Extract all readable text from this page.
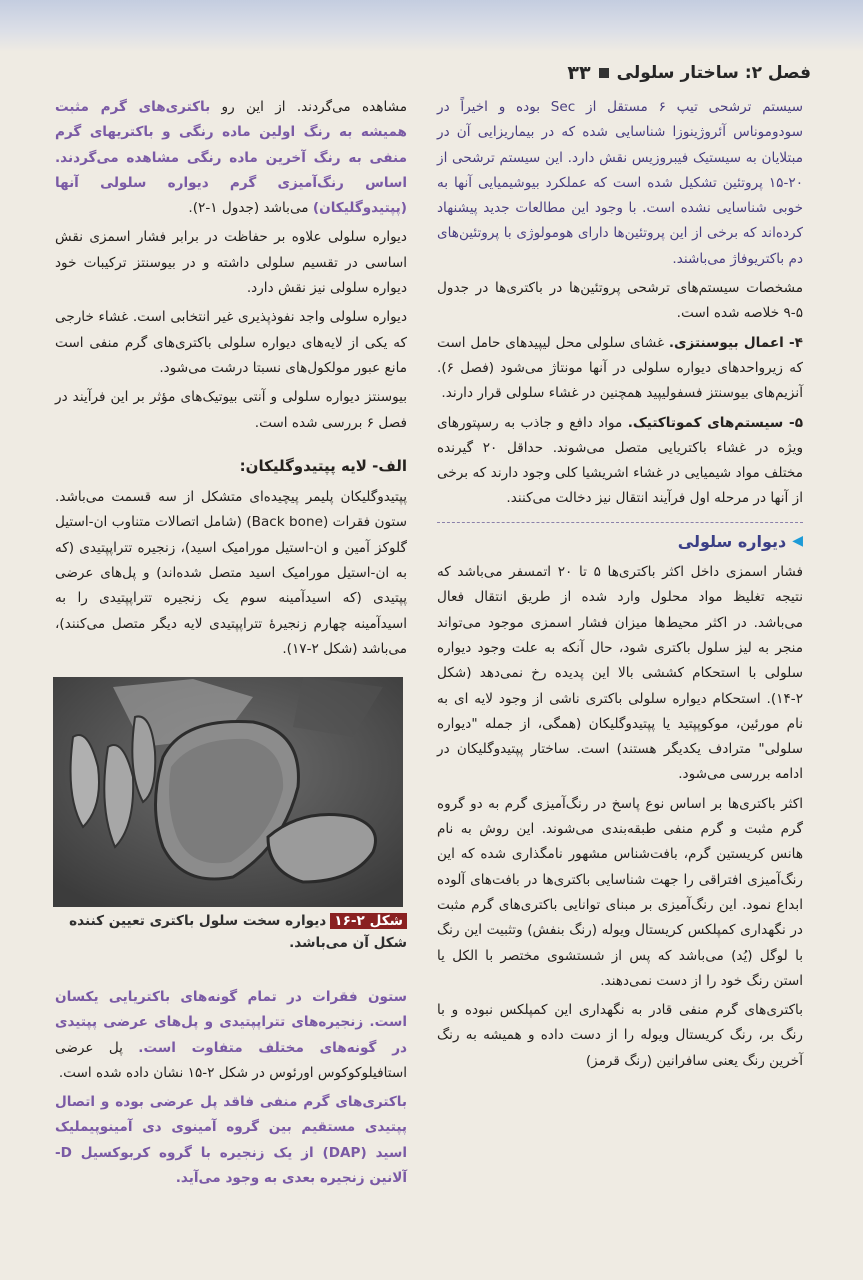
فصل ۲: ساختار سلولی
۳۳

سیستم ترشحی تیپ ۶ مستقل از Sec بوده و اخیراً در سودوموناس آئروژینوزا شناسایی شده که در بیماریزایی آن در مبتلایان به سیستیک فیبروزیس نقش دارد. این سیستم ترشحی از ۲۰-۱۵ پروتئین تشکیل شده است که عملکرد بیوشیمیایی آنها به خوبی شناسایی نشده است. با وجود این مطالعات جدید پیشنهاد کرده‌اند که برخی از این پروتئین‌ها دارای هومولوژی با پروتئین‌های دم باکتریوفاژ می‌باشند.

مشخصات سیستم‌های ترشحی پروتئین‌ها در باکتری‌ها در جدول ۵-۹ خلاصه شده است.

۴- اعمال بیوسنتزی. غشای سلولی محل لیپیدهای حامل است که زیرواحدهای دیواره سلولی در آنها مونتاژ می‌شود (فصل ۶). آنزیم‌های بیوسنتز فسفولیپید همچنین در غشاء سلولی قرار دارند.

۵- سیستم‌های کموتاکتیک. مواد دافع و جاذب به رسپتورهای ویژه در غشاء باکتریایی متصل می‌شوند. حداقل ۲۰ گیرنده مختلف مواد شیمیایی در غشاء اشریشیا کلی وجود دارند که برخی از آنها در مرحله اول فرآیند انتقال نیز دخالت می‌کنند.

◀
دیواره سلولی

فشار اسمزی داخل اکثر باکتری‌ها ۵ تا ۲۰ اتمسفر می‌باشد که نتیجه تغلیظ مواد محلول وارد شده از طریق انتقال فعال می‌باشد. در اکثر محیط‌ها میزان فشار اسمزی موجود می‌تواند منجر به لیز سلول باکتری شود، حال آنکه به علت وجود دیواره سلولی با استحکام کششی بالا این پدیده رخ نمی‌دهد (شکل ۲-۱۴). استحکام دیواره سلولی باکتری ناشی از وجود لایه ای به نام مورئین، موکوپپتید یا پپتیدوگلیکان (همگی، از جمله "دیواره سلولی" مترادف یکدیگر هستند) است. ساختار پپتیدوگلیکان در ادامه بررسی می‌شود.

اکثر باکتری‌ها بر اساس نوع پاسخ در رنگ‌آمیزی گرم به دو گروه گرم مثبت و گرم منفی طبقه‌بندی می‌شوند. این روش به نام هانس کریستین گرم، بافت‌شناس مشهور نامگذاری شده که این رنگ‌آمیزی افتراقی را جهت شناسایی باکتری‌ها در بافت‌های آلوده ابداع نمود. این رنگ‌آمیزی بر مبنای توانایی باکتری‌های گرم مثبت در نگهداری کمپلکس کریستال ویوله (رنگ بنفش) وتثبیت این رنگ با لوگل (یُد) می‌باشد که پس از شستشوی مختصر با الکل یا استن رنگ خود را از دست نمی‌دهند.

باکتری‌های گرم منفی قادر به نگهداری این کمپلکس نبوده و با رنگ بر، رنگ کریستال ویوله را از دست داده و همیشه به رنگ آخرین رنگ یعنی سافرانین (رنگ قرمز)

مشاهده می‌گردند. از این رو باکتری‌های گرم مثبت همیشه به رنگ اولین ماده رنگی و باکتریهای گرم منفی به رنگ آخرین ماده رنگی مشاهده می‌گردند. اساس رنگ‌آمیزی گرم دیواره سلولی آنها (پپتیدوگلیکان) می‌باشد (جدول ۱-۲).

دیواره سلولی علاوه بر حفاظت در برابر فشار اسمزی نقش اساسی در تقسیم سلولی داشته و در بیوسنتز ترکیبات خود دیواره سلولی نیز نقش دارد.

دیواره سلولی واجد نفوذپذیری غیر انتخابی است. غشاء خارجی که یکی از لایه‌های دیواره سلولی باکتری‌های گرم منفی است مانع عبور مولکول‌های نسبتا درشت می‌شود.

بیوسنتز دیواره سلولی و آنتی بیوتیک‌های مؤثر بر این فرآیند در فصل ۶ بررسی شده است.

الف- لایه پپتیدوگلیکان:

پپتیدوگلیکان پلیمر پیچیده‌ای متشکل از سه قسمت می‌باشد. ستون فقرات (Back bone) (شامل اتصالات متناوب ان-استیل گلوکز آمین و ان-استیل مورامیک اسید)، زنجیره تتراپپتیدی (که به ان-استیل مورامیک اسید متصل شده‌اند) و پل‌های عرضی پپتیدی (که اسیدآمینه سوم یک زنجیره تتراپپتیدی را به اسیدآمینه چهارم زنجیرهٔ تتراپپتیدی لایه دیگر متصل می‌کنند)، می‌باشد (شکل ۲-۱۷).

شکل ۲-۱۶دیواره سخت سلول باکتری تعیین کننده شکل آن می‌باشد.

ستون فقرات در تمام گونه‌های باکتریایی یکسان است. زنجیره‌های تتراپپتیدی و پل‌های عرضی پپتیدی در گونه‌های مختلف متفاوت است. پل عرضی استافیلوکوکوس اورئوس در شکل ۲-۱۵ نشان داده شده است.

باکتری‌های گرم منفی فاقد پل عرضی بوده و اتصال پپتیدی مستقیم بین گروه آمینوی دی آمینوپیملیک اسید (DAP) از یک زنجیره با گروه کربوکسیل D-آلانین زنجیره بعدی به وجود می‌آید.
